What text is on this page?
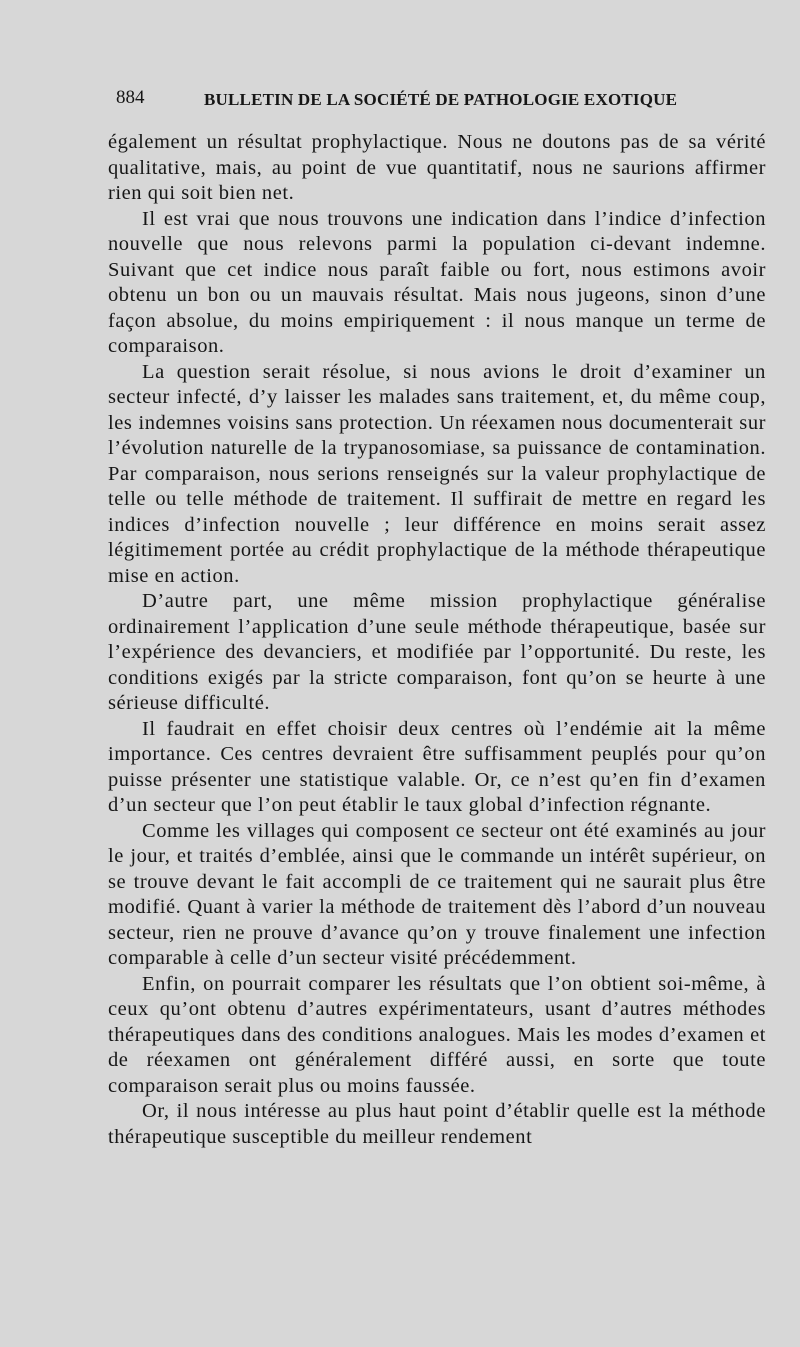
884	BULLETIN DE LA SOCIÉTÉ DE PATHOLOGIE EXOTIQUE

également un résultat prophylactique. Nous ne doutons pas de sa vérité qualitative, mais, au point de vue quantitatif, nous ne saurions affirmer rien qui soit bien net.

Il est vrai que nous trouvons une indication dans l’indice d’infection nouvelle que nous relevons parmi la population ci-devant indemne. Suivant que cet indice nous paraît faible ou fort, nous estimons avoir obtenu un bon ou un mauvais résultat. Mais nous jugeons, sinon d’une façon absolue, du moins empiriquement : il nous manque un terme de comparaison.

La question serait résolue, si nous avions le droit d’examiner un secteur infecté, d’y laisser les malades sans traitement, et, du même coup, les indemnes voisins sans protection. Un réexamen nous documenterait sur l’évolution naturelle de la trypanosomiase, sa puissance de contamination. Par comparaison, nous serions renseignés sur la valeur prophylactique de telle ou telle méthode de traitement. Il suffirait de mettre en regard les indices d’infection nouvelle ; leur différence en moins serait assez légitimement portée au crédit prophylactique de la méthode thérapeutique mise en action.

D’autre part, une même mission prophylactique généralise ordinairement l’application d’une seule méthode thérapeutique, basée sur l’expérience des devanciers, et modifiée par l’opportunité. Du reste, les conditions exigés par la stricte comparaison, font qu’on se heurte à une sérieuse difficulté.

Il faudrait en effet choisir deux centres où l’endémie ait la même importance. Ces centres devraient être suffisamment peuplés pour qu’on puisse présenter une statistique valable. Or, ce n’est qu’en fin d’examen d’un secteur que l’on peut établir le taux global d’infection régnante.

Comme les villages qui composent ce secteur ont été examinés au jour le jour, et traités d’emblée, ainsi que le commande un intérêt supérieur, on se trouve devant le fait accompli de ce traitement qui ne saurait plus être modifié. Quant à varier la méthode de traitement dès l’abord d’un nouveau secteur, rien ne prouve d’avance qu’on y trouve finalement une infection comparable à celle d’un secteur visité précédemment.

Enfin, on pourrait comparer les résultats que l’on obtient soi-même, à ceux qu’ont obtenu d’autres expérimentateurs, usant d’autres méthodes thérapeutiques dans des conditions analogues. Mais les modes d’examen et de réexamen ont généralement différé aussi, en sorte que toute comparaison serait plus ou moins faussée.

Or, il nous intéresse au plus haut point d’établir quelle est la méthode thérapeutique susceptible du meilleur rendement
